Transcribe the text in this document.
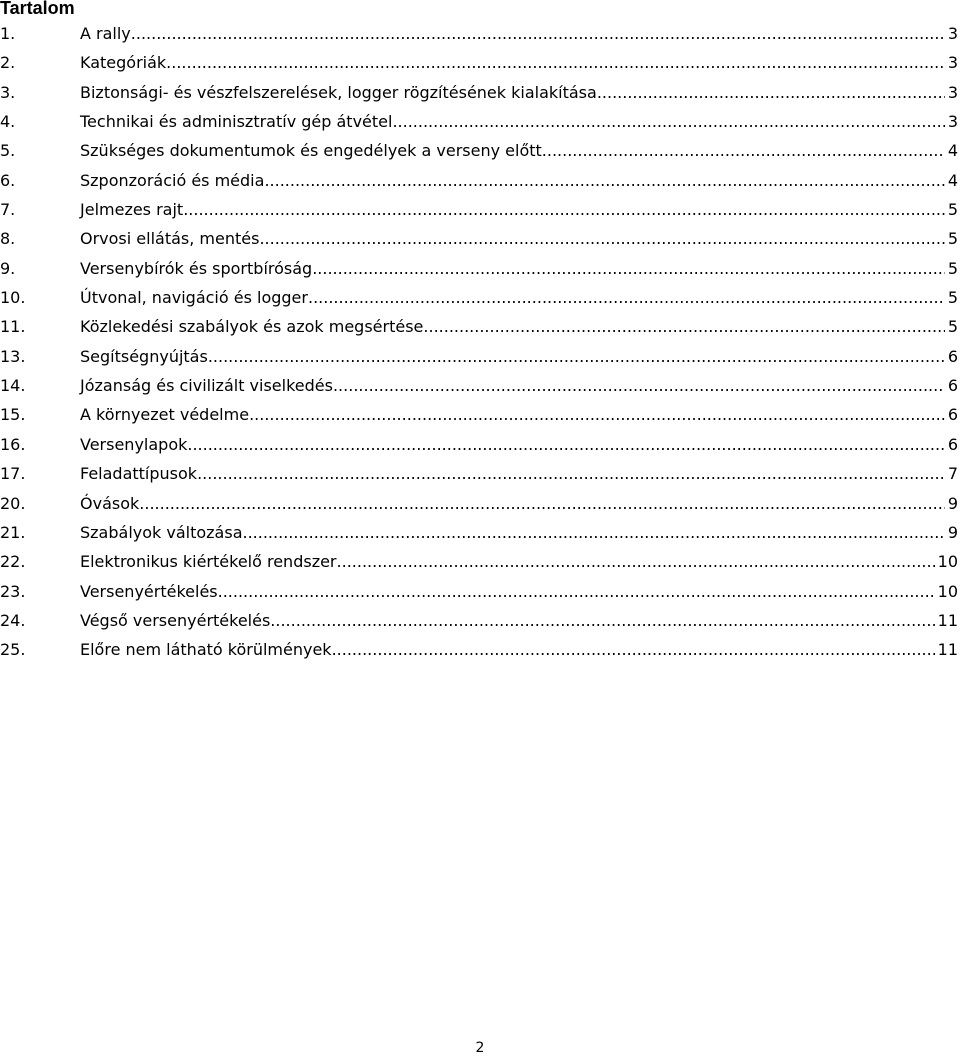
Tartalom
1.	A rally .....	3
2.	Kategóriák .....	3
3.	Biztonsági- és vészfelszerelések, logger rögzítésének kialakítása .....	3
4.	Technikai és adminisztratív gép átvétel .....	3
5.	Szükséges dokumentumok és engedélyek a verseny előtt .....	4
6.	Szponzoráció és média .....	4
7.	Jelmezes rajt .....	5
8.	Orvosi ellátás, mentés .....	5
9.	Versenybírók és sportbíróság .....	5
10.	Útvonal, navigáció és logger .....	5
11.	Közlekedési szabályok és azok megsértése .....	5
13.	Segítségnyújtás .....	6
14.	Józanság és civilizált viselkedés .....	6
15.	A környezet védelme .....	6
16.	Versenylapok .....	6
17.	Feladattípusok .....	7
20.	Óvások .....	9
21.	Szabályok változása .....	9
22.	Elektronikus kiértékelő rendszer .....	10
23.	Versenyértékelés .....	10
24.	Végső versenyértékelés .....	11
25.	Előre nem látható körülmények .....	11
2
